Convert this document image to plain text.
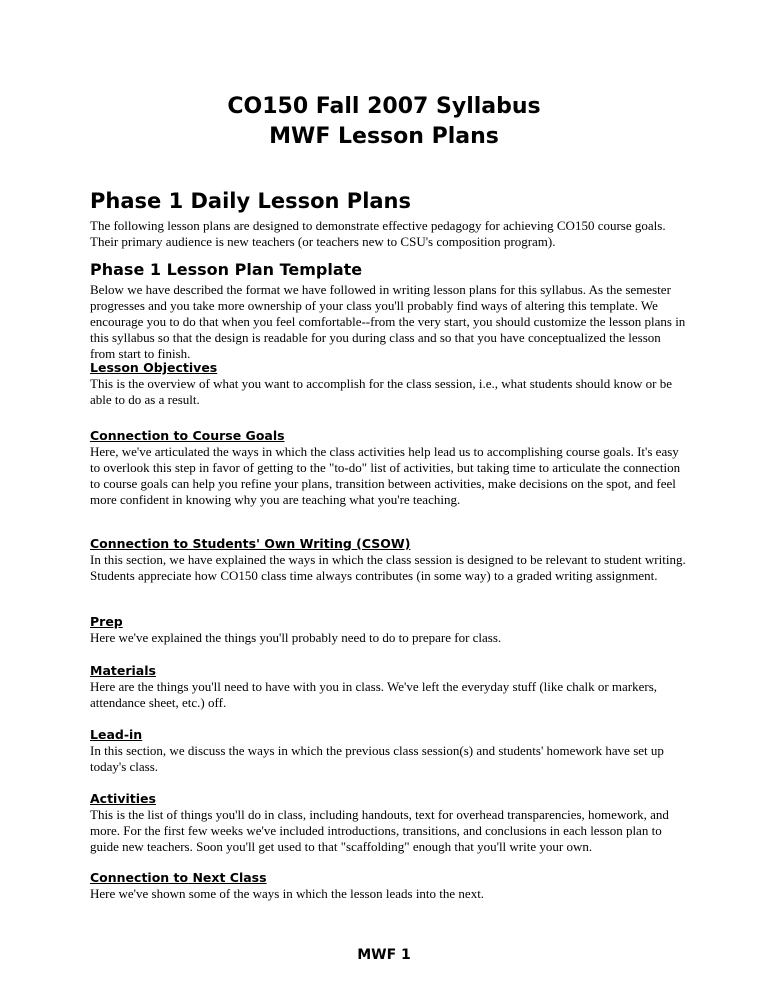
CO150 Fall 2007 Syllabus

MWF Lesson Plans

Phase 1 Daily Lesson Plans

The following lesson plans are designed to demonstrate effective pedagogy for achieving CO150 course goals. Their primary audience is new teachers (or teachers new to CSU's composition program).

Phase 1 Lesson Plan Template

Below we have described the format we have followed in writing lesson plans for this syllabus. As the semester progresses and you take more ownership of your class you'll probably find ways of altering this template. We encourage you to do that when you feel comfortable--from the very start, you should customize the lesson plans in this syllabus so that the design is readable for you during class and so that you have conceptualized the lesson from start to finish.

Lesson Objectives

This is the overview of what you want to accomplish for the class session, i.e., what students should know or be able to do as a result.

Connection to Course Goals

Here, we've articulated the ways in which the class activities help lead us to accomplishing course goals. It's easy to overlook this step in favor of getting to the "to-do" list of activities, but taking time to articulate the connection to course goals can help you refine your plans, transition between activities, make decisions on the spot, and feel more confident in knowing why you are teaching what you're teaching.

Connection to Students' Own Writing (CSOW)

In this section, we have explained the ways in which the class session is designed to be relevant to student writing. Students appreciate how CO150 class time always contributes (in some way) to a graded writing assignment.

Prep

Here we've explained the things you'll probably need to do to prepare for class.

Materials

Here are the things you'll need to have with you in class. We've left the everyday stuff (like chalk or markers, attendance sheet, etc.) off.

Lead-in

In this section, we discuss the ways in which the previous class session(s) and students' homework have set up today's class.

Activities

This is the list of things you'll do in class, including handouts, text for overhead transparencies, homework, and more. For the first few weeks we've included introductions, transitions, and conclusions in each lesson plan to guide new teachers. Soon you'll get used to that "scaffolding" enough that you'll write your own.

Connection to Next Class

Here we've shown some of the ways in which the lesson leads into the next.

MWF 1
